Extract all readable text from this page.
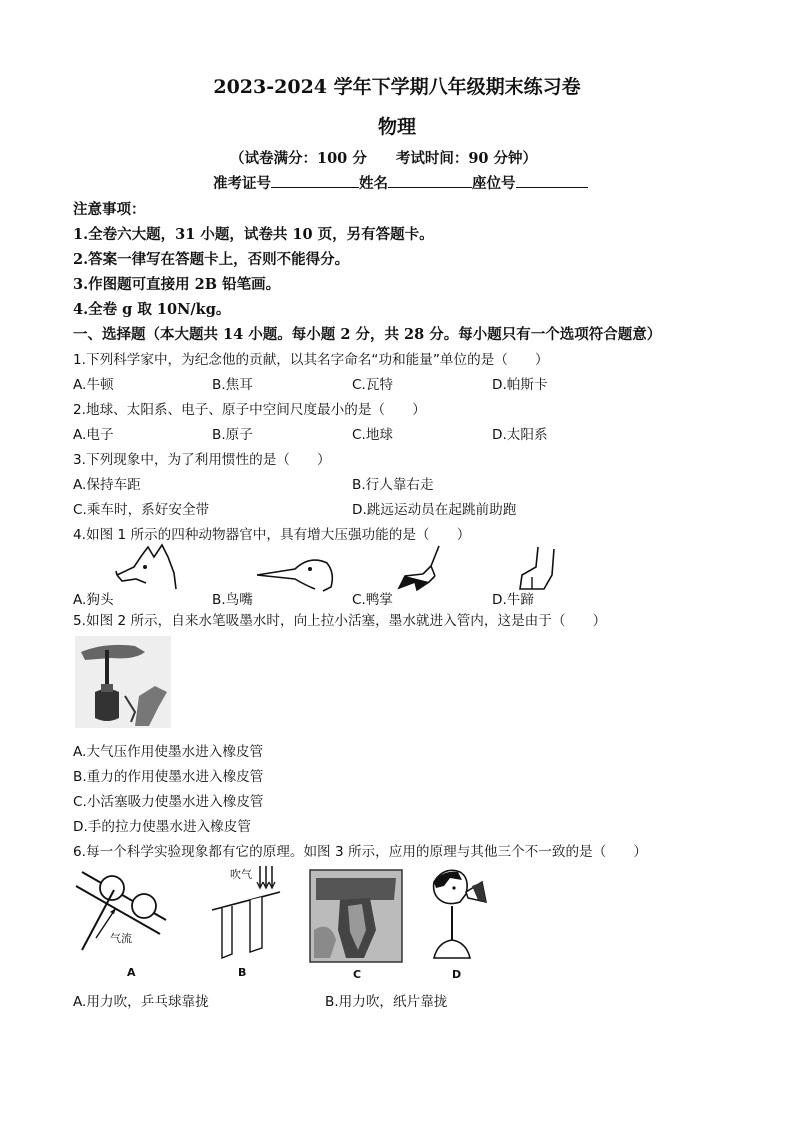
2023-2024 学年下学期八年级期末练习卷
物理
（试卷满分：100 分　　考试时间：90 分钟）
准考证号	姓名	座位号
注意事项：
1.全卷六大题，31 小题，试卷共 10 页，另有答题卡。
2.答案一律写在答题卡上，否则不能得分。
3.作图题可直接用 2B 铅笔画。
4.全卷 g 取 10N/kg。
一、选择题（本大题共 14 小题。每小题 2 分，共 28 分。每小题只有一个选项符合题意）
1.下列科学家中，为纪念他的贡献，以其名字命名“功和能量”单位的是（　　）
A.牛顿	B.焦耳	C.瓦特	D.帕斯卡
2.地球、太阳系、电子、原子中空间尺度最小的是（　　）
A.电子	B.原子	C.地球	D.太阳系
3.下列现象中，为了利用惯性的是（　　）
A.保持车距	B.行人靠右走
C.乘车时，系好安全带	D.跳远运动员在起跳前助跑
4.如图 1 所示的四种动物器官中，具有增大压强功能的是（　　）
A.狗头	B.鸟嘴	C.鸭掌	D.牛蹄
5.如图 2 所示，自来水笔吸墨水时，向上拉小活塞，墨水就进入管内，这是由于（　　）
A.大气压作用使墨水进入橡皮管
B.重力的作用使墨水进入橡皮管
C.小活塞吸力使墨水进入橡皮管
D.手的拉力使墨水进入橡皮管
6.每一个科学实验现象都有它的原理。如图 3 所示，应用的原理与其他三个不一致的是（　　）
气流
A
吹气
B	C	D
A.用力吹，乒乓球靠拢	B.用力吹，纸片靠拢
